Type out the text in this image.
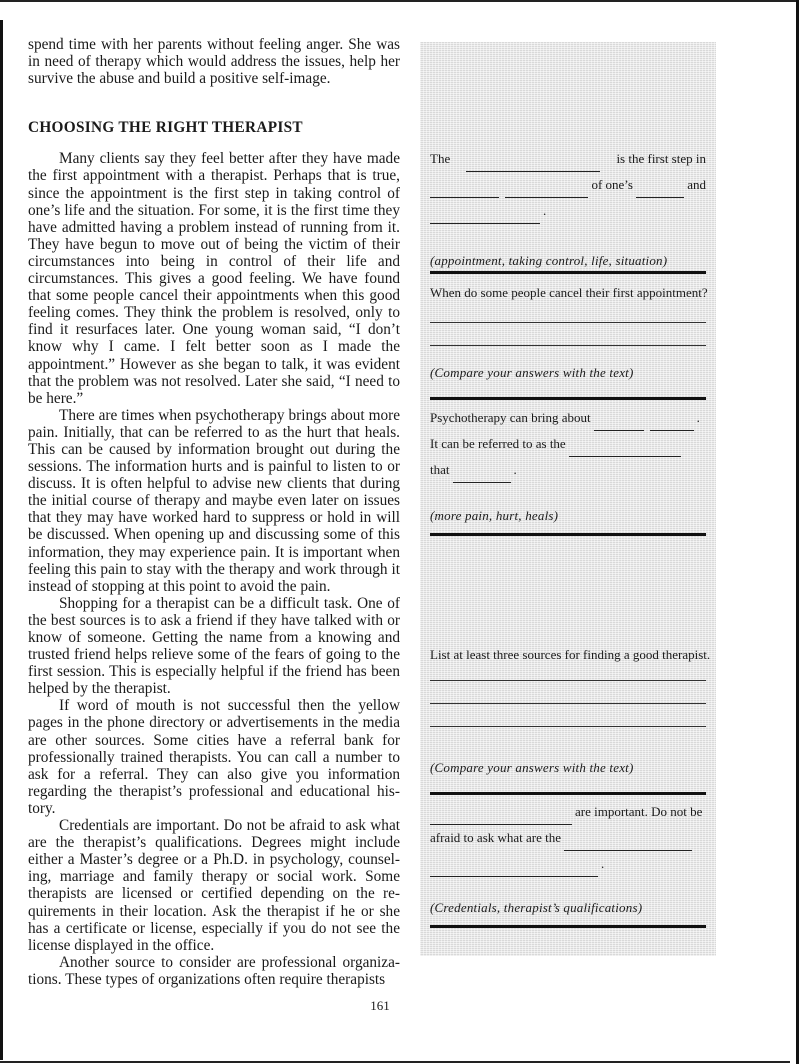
spend time with her parents without feeling anger. She was in need of therapy which would address the issues, help her survive the abuse and build a positive self-image.

CHOOSING THE RIGHT THERAPIST

Many clients say they feel better after they have made the first appointment with a therapist. Perhaps that is true, since the appointment is the first step in taking control of one’s life and the situation. For some, it is the first time they have admitted having a problem instead of running from it. They have begun to move out of being the victim of their circumstances into being in control of their life and circumstances. This gives a good feeling. We have found that some people cancel their appointments when this good feeling comes. They think the problem is resolved, only to find it resurfaces later. One young woman said, “I don’t know why I came. I felt better soon as I made the appointment.” However as she began to talk, it was evident that the problem was not resolved. Later she said, “I need to be here.”

There are times when psychotherapy brings about more pain. Initially, that can be referred to as the hurt that heals. This can be caused by information brought out during the sessions. The information hurts and is painful to listen to or discuss. It is often helpful to advise new clients that during the initial course of therapy and maybe even later on issues that they may have worked hard to suppress or hold in will be discussed. When opening up and discussing some of this information, they may experience pain. It is important when feeling this pain to stay with the therapy and work through it instead of stopping at this point to avoid the pain.

Shopping for a therapist can be a difficult task. One of the best sources is to ask a friend if they have talked with or know of someone. Getting the name from a knowing and trusted friend helps relieve some of the fears of going to the first session. This is especially helpful if the friend has been helped by the therapist.

If word of mouth is not successful then the yellow pages in the phone directory or advertisements in the media are other sources. Some cities have a referral bank for professionally trained therapists. You can call a number to ask for a referral. They can also give you information regarding the therapist’s professional and educational history.

Credentials are important. Do not be afraid to ask what are the therapist’s qualifications. Degrees might include either a Master’s degree or a Ph.D. in psychology, counseling, marriage and family therapy or social work. Some therapists are licensed or certified depending on the requirements in their location. Ask the therapist if he or she has a certificate or license, especially if you do not see the license displayed in the office.

Another source to consider are professional organizations. These types of organizations often require therapists

The	is the first step in
of one’s	and
.
(appointment, taking control, life, situation)
When do some people cancel their first appointment?
(Compare your answers with the text)
Psychotherapy can bring about	.
It can be referred to as the
that	.
(more pain, hurt, heals)
List at least three sources for finding a good therapist.
(Compare your answers with the text)
are important. Do not be
afraid to ask what are the
.
(Credentials, therapist’s qualifications)
161
